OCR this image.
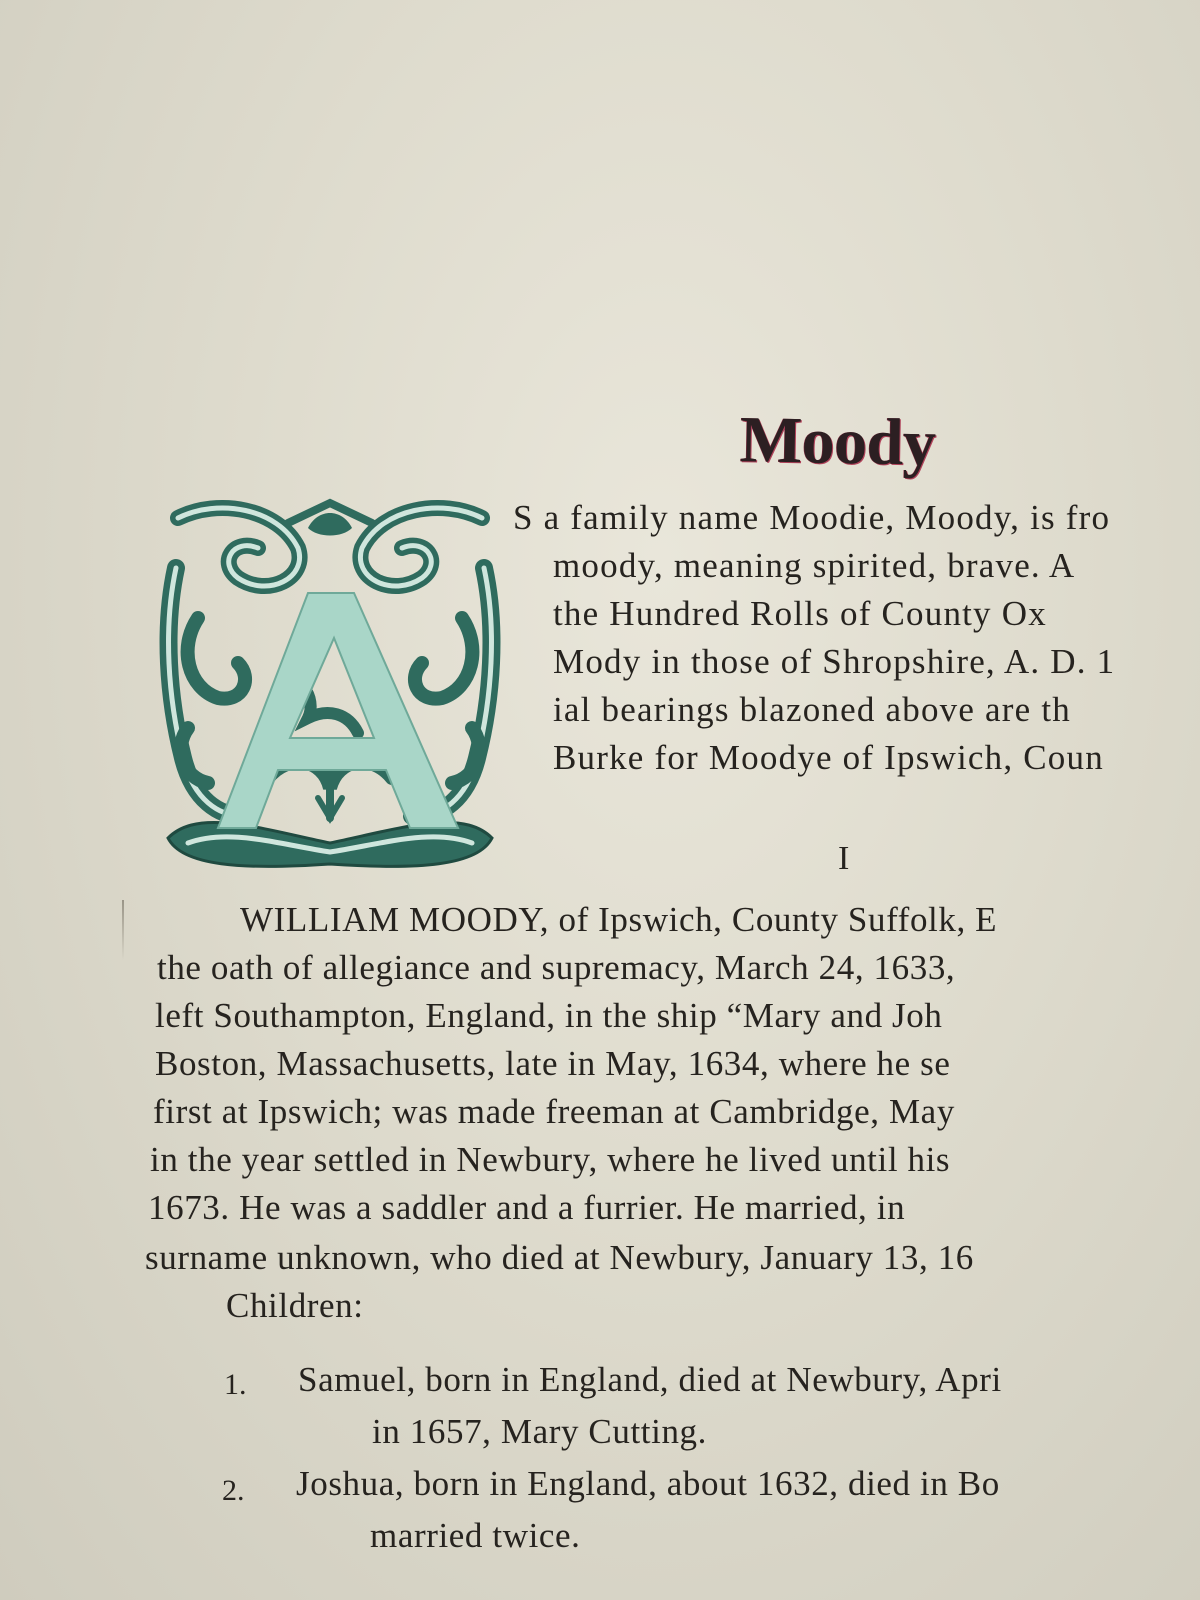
Moody
S a family name Moodie, Moody, is fro
moody, meaning spirited, brave. A
the Hundred Rolls of County Ox
Mody in those of Shropshire, A. D. 1
ial bearings blazoned above are th
Burke for Moodye of Ipswich, Coun
I
WILLIAM MOODY, of Ipswich, County Suffolk, E
the oath of allegiance and supremacy, March 24, 1633,
left Southampton, England, in the ship “Mary and Joh
Boston, Massachusetts, late in May, 1634, where he se
first at Ipswich; was made freeman at Cambridge, May
in the year settled in Newbury, where he lived until his
1673. He was a saddler and a furrier. He married, in
surname unknown, who died at Newbury, January 13, 16
Children:
1. Samuel, born in England, died at Newbury, Apri
in 1657, Mary Cutting.
2. Joshua, born in England, about 1632, died in Bo
married twice.
